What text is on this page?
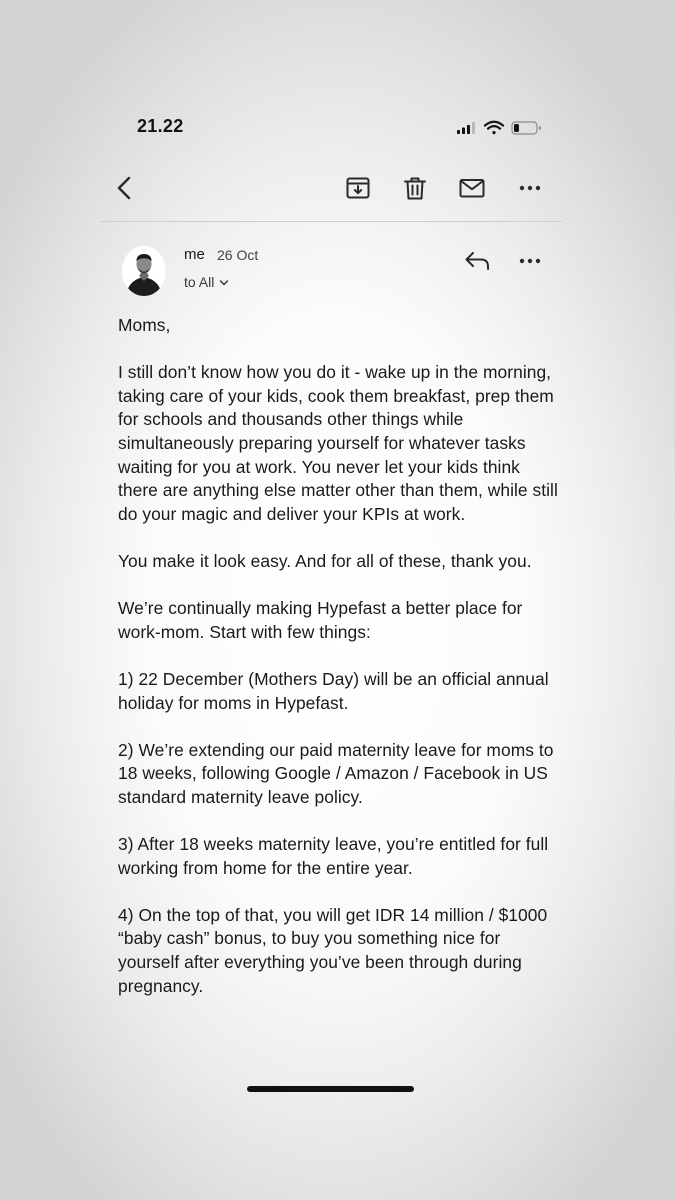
21.22
me 26 Oct
to All

Moms,

I still don’t know how you do it - wake up in the morning, taking care of your kids, cook them breakfast, prep them for schools and thousands other things while simultaneously preparing yourself for whatever tasks waiting for you at work. You never let your kids think there are anything else matter other than them, while still do your magic and deliver your KPIs at work.

You make it look easy. And for all of these, thank you.

We’re continually making Hypefast a better place for work-mom. Start with few things:

1) 22 December (Mothers Day) will be an official annual holiday for moms in Hypefast.

2) We’re extending our paid maternity leave for moms to 18 weeks, following Google / Amazon / Facebook in US standard maternity leave policy.

3) After 18 weeks maternity leave, you’re entitled for full working from home for the entire year.

4) On the top of that, you will get IDR 14 million / $1000 “baby cash” bonus, to buy you something nice for yourself after everything you’ve been through during pregnancy.
